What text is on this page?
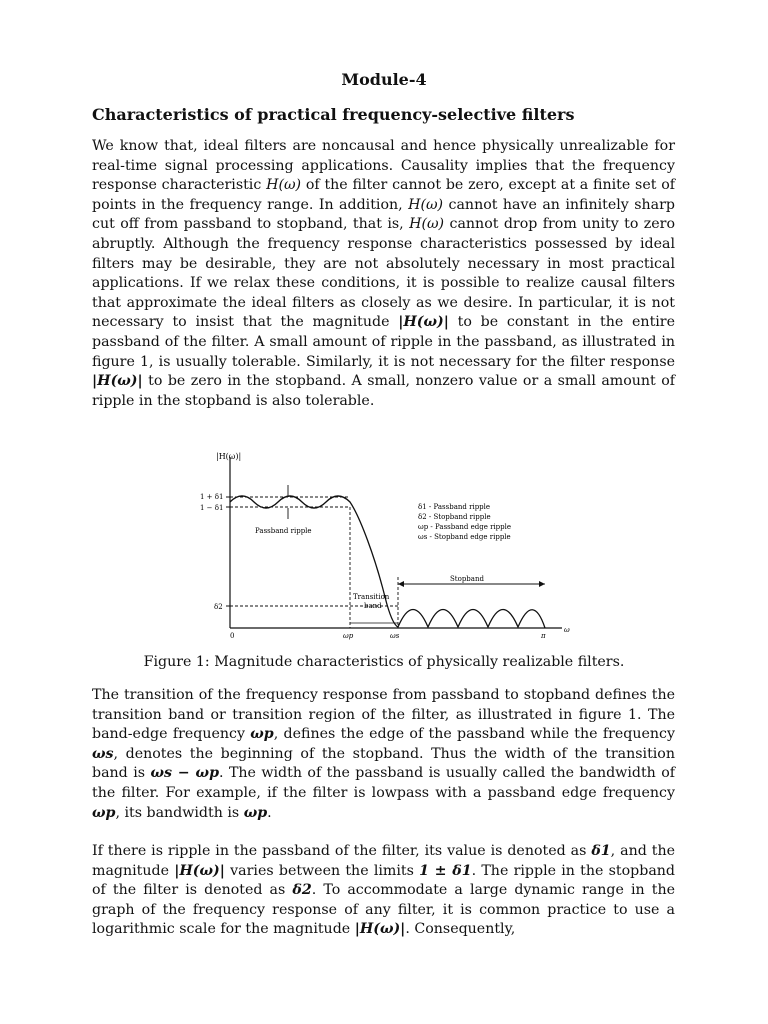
Module-4
Characteristics of practical frequency-selective filters

We know that, ideal filters are noncausal and hence physically unrealizable for real-time signal processing applications. Causality implies that the frequency response characteristic H(ω) of the filter cannot be zero, except at a finite set of points in the frequency range. In addition, H(ω) cannot have an infinitely sharp cut off from passband to stopband, that is, H(ω) cannot drop from unity to zero abruptly. Although the frequency response characteristics possessed by ideal filters may be desirable, they are not absolutely necessary in most practical applications. If we relax these conditions, it is possible to realize causal filters that approximate the ideal filters as closely as we desire. In particular, it is not necessary to insist that the magnitude |H(ω)| to be constant in the entire passband of the filter. A small amount of ripple in the passband, as illustrated in figure 1, is usually tolerable. Similarly, it is not necessary for the filter response |H(ω)| to be zero in the stopband. A small, nonzero value or a small amount of ripple in the stopband is also tolerable.

|H(ω)|
1 + δ1
1 − δ1
δ2
0	ωp	ωs	π
ω
Passband ripple
Transition
band
Stopband
δ1 - Passband ripple
δ2 - Stopband ripple
ωp - Passband edge ripple
ωs - Stopband edge ripple
Figure 1: Magnitude characteristics of physically realizable filters.

The transition of the frequency response from passband to stopband defines the transition band or transition region of the filter, as illustrated in figure 1. The band-edge frequency ωp, defines the edge of the passband while the frequency ωs, denotes the beginning of the stopband. Thus the width of the transition band is ωs − ωp. The width of the passband is usually called the bandwidth of the filter. For example, if the filter is lowpass with a passband edge frequency ωp, its bandwidth is ωp.

If there is ripple in the passband of the filter, its value is denoted as δ1, and the magnitude |H(ω)| varies between the limits 1 ± δ1. The ripple in the stopband of the filter is denoted as δ2. To accommodate a large dynamic range in the graph of the frequency response of any filter, it is common practice to use a logarithmic scale for the magnitude |H(ω)|. Consequently,
